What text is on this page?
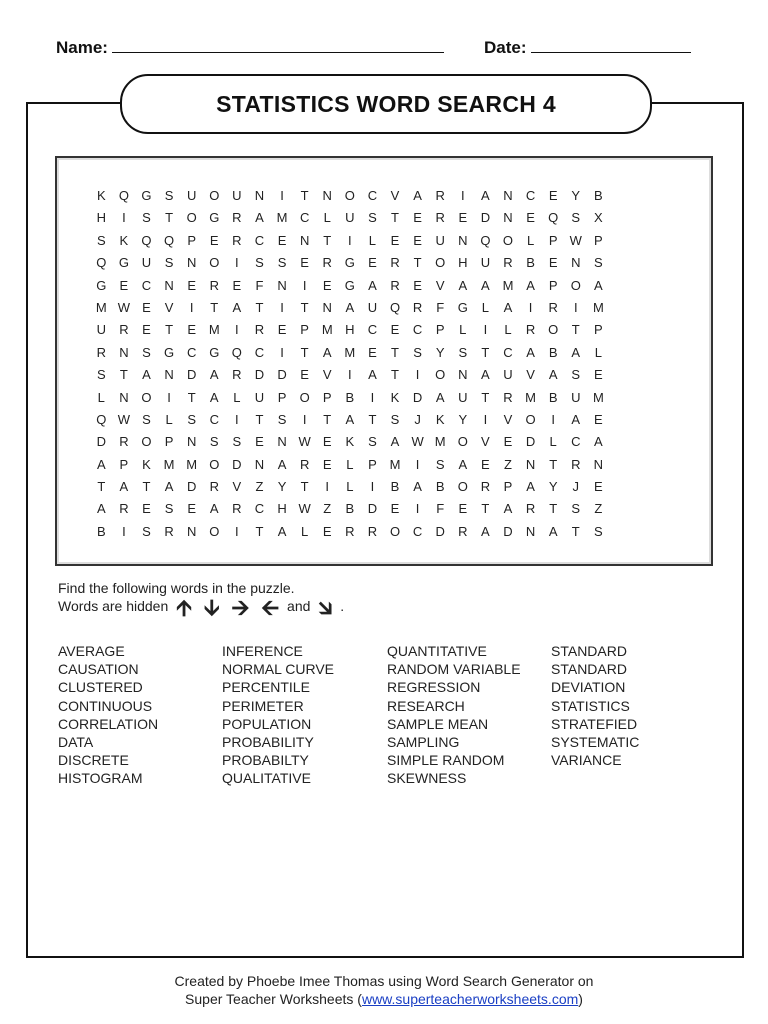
Name:	Date:
STATISTICS WORD SEARCH 4
K	Q G	S	U O U	N	I	T	N O C	V	A	R	I	A	N	C	E	Y	B
H	I	S	T	O G R	A M C	L	U	S	T	E	R	E	D	N	E	Q	S	X
S	K	Q Q	P	E	R	C	E	N	T	I	L	E	E	U	N Q O	L	P W P
Q G U	S	N O	I	S	S	E	R G	E	R	T	O H	U	R	B	E	N	S
G	E	C	N	E	R	E	F	N	I	E	G	A	R	E	V	A	A M A	P	O	A
M W E	V	I	T	A	T	I	T	N	A	U Q R	F	G	L	A	I	R	I	M
U	R	E	T	E M	I	R	E	P M H	C	E	C	P	L	I	L	R O	T	P
R	N	S	G C G Q C	I	T	A M E	T	S	Y	S	T	C	A	B	A	L
S	T	A	N	D	A	R	D	D	E	V	I	A	T	I	O N	A	U	V	A	S	E
L	N O	I	T	A	L	U	P	O	P	B	I	K	D	A	U	T	R M B	U M
Q W S	L	S	C	I	T	S	I	T	A	T	S	J	K	Y	I	V	O	I	A	E
D	R O	P	N	S	S	E	N W E	K	S	A W M O	V	E	D	L	C	A
A	P	K M M O D	N	A	R	E	L	P M	I	S	A	E	Z	N	T	R	N
T	A	T	A	D	R	V	Z	Y	T	I	L	I	B	A	B	O R	P	A	Y	J	E
A	R	E	S	E	A	R	C	H W Z	B	D	E	I	F	E	T	A	R	T	S	Z
B	I	S	R	N O	I	T	A	L	E	R	R O C	D	R	A	D	N	A	T	S
Find the following words in the puzzle.
Words are hidden 🡩 🡫 🡪 🡨 and 🡮 .
AVERAGE
CAUSATION
CLUSTERED
CONTINUOUS
CORRELATION
DATA
DISCRETE
HISTOGRAM
INFERENCE
NORMAL CURVE
PERCENTILE
PERIMETER
POPULATION
PROBABILITY
PROBABILTY
QUALITATIVE
QUANTITATIVE
RANDOM VARIABLE
REGRESSION
RESEARCH
SAMPLE MEAN
SAMPLING
SIMPLE RANDOM
SKEWNESS
STANDARD
STANDARD
DEVIATION
STATISTICS
STRATEFIED
SYSTEMATIC
VARIANCE
Created by Phoebe Imee Thomas using Word Search Generator on
Super Teacher Worksheets (www.superteacherworksheets.com)
